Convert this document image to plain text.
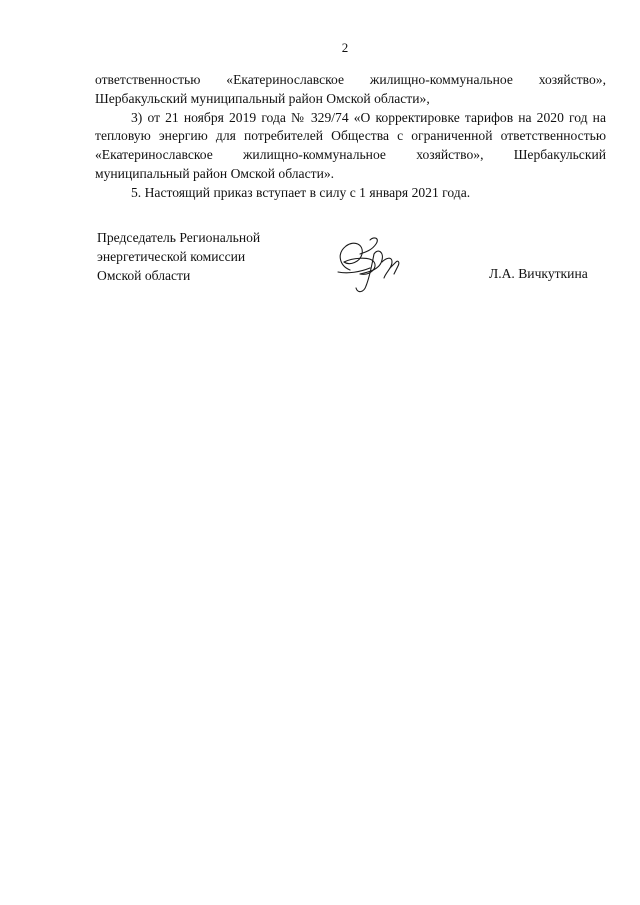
2

ответственностью «Екатеринославское жилищно-коммунальное хозяйство», Шербакульский муниципальный район Омской области»,

3) от 21 ноября 2019 года № 329/74 «О корректировке тарифов на 2020 год на тепловую энергию для потребителей Общества с ограниченной ответственностью «Екатеринославское жилищно-коммунальное хозяйство», Шербакульский муниципальный район Омской области».

5. Настоящий приказ вступает в силу с 1 января 2021 года.

Председатель Региональной
энергетической комиссии
Омской области	Л.А. Вичкуткина
